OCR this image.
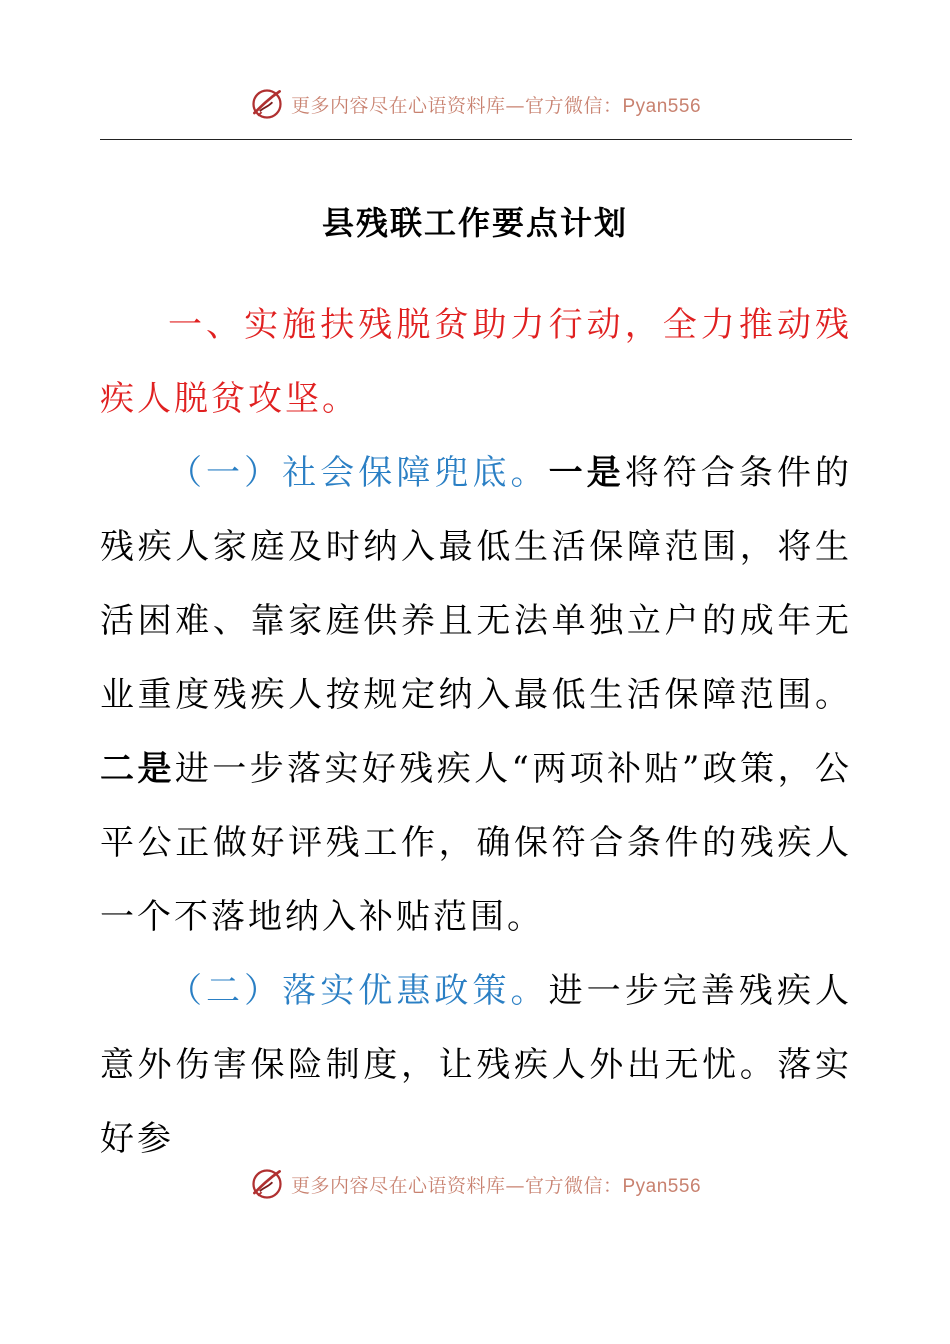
更多内容尽在心语资料库—官方微信：Pyan556
县残联工作要点计划

一、实施扶残脱贫助力行动，全力推动残疾人脱贫攻坚。

（一）社会保障兜底。一是将符合条件的残疾人家庭及时纳入最低生活保障范围，将生活困难、靠家庭供养且无法单独立户的成年无业重度残疾人按规定纳入最低生活保障范围。二是进一步落实好残疾人“两项补贴”政策，公平公正做好评残工作，确保符合条件的残疾人一个不落地纳入补贴范围。

（二）落实优惠政策。进一步完善残疾人意外伤害保险制度，让残疾人外出无忧。落实好参

更多内容尽在心语资料库—官方微信：Pyan556
